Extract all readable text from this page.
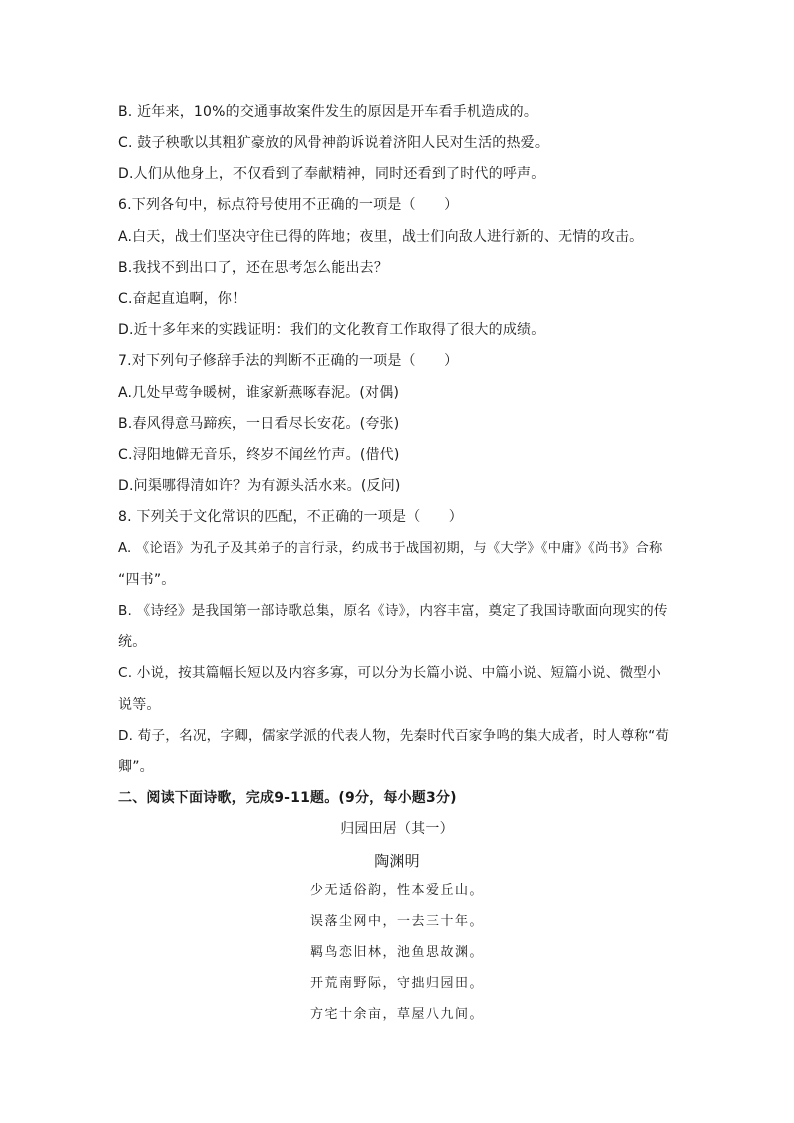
B. 近年来，10%的交通事故案件发生的原因是开车看手机造成的。
C. 鼓子秧歌以其粗犷豪放的风骨神韵诉说着济阳人民对生活的热爱。
D.人们从他身上，不仅看到了奉献精神，同时还看到了时代的呼声。
6.下列各句中，标点符号使用不正确的一项是（　　）
A.白天，战士们坚决守住已得的阵地；夜里，战士们向敌人进行新的、无情的攻击。
B.我找不到出口了，还在思考怎么能出去？
C.奋起直追啊，你！
D.近十多年来的实践证明：我们的文化教育工作取得了很大的成绩。
7.对下列句子修辞手法的判断不正确的一项是（　　）
A.几处早莺争暖树，谁家新燕啄春泥。(对偶)
B.春风得意马蹄疾，一日看尽长安花。(夸张)
C.浔阳地僻无音乐，终岁不闻丝竹声。(借代)
D.问渠哪得清如许？为有源头活水来。(反问)
8. 下列关于文化常识的匹配，不正确的一项是（　　）
A. 《论语》为孔子及其弟子的言行录，约成书于战国初期，与《大学》《中庸》《尚书》合称
“四书”。
B. 《诗经》是我国第一部诗歌总集，原名《诗》，内容丰富，奠定了我国诗歌面向现实的传
统。
C. 小说，按其篇幅长短以及内容多寡，可以分为长篇小说、中篇小说、短篇小说、微型小
说等。
D. 荀子，名况，字卿，儒家学派的代表人物，先秦时代百家争鸣的集大成者，时人尊称“荀
卿”。
二、阅读下面诗歌，完成9-11题。(9分，每小题3分)
归园田居（其一）
陶渊明
少无适俗韵，性本爱丘山。
误落尘网中，一去三十年。
羁鸟恋旧林，池鱼思故渊。
开荒南野际，守拙归园田。
方宅十余亩，草屋八九间。
